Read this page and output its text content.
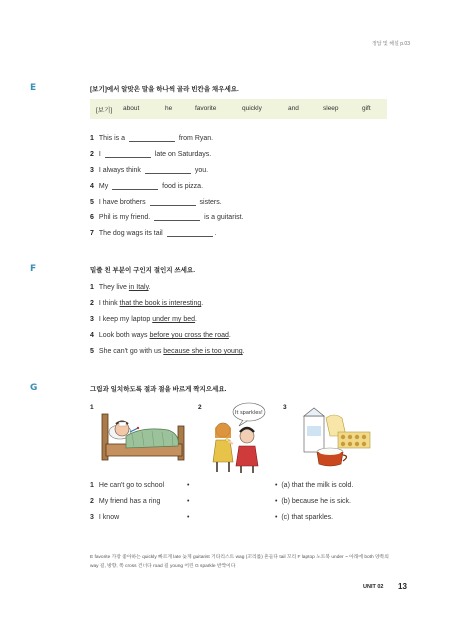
정답 및 해설 p.03
E	[보기]에서 알맞은 말을 하나씩 골라 빈칸을 채우세요.
[보기] about	he	favorite	quickly	and	sleep	gift
1 This is a	from Ryan.
2 I	late on Saturdays.
3 I always think	you.
4 My	food is pizza.
5 I have brothers	sisters.
6 Phil is my friend.	is a guitarist.
7 The dog wags its tail	.
F	밑줄 친 부분이 구인지 절인지 쓰세요.
1 They live in Italy.
2 I think that the book is interesting.
3 I keep my laptop under my bed.
4 Look both ways before you cross the road.
5 She can't go with us because she is too young.
G	그림과 일치하도록 절과 절을 바르게 짝지으세요.
1	2	3
It sparkles!
1 He can't go to school
2 My friend has a ring
3 I know
•
•
•
• (a) that the milk is cold.
• (b) because he is sick.
• (c) that sparkles.
E favorite 가장 좋아하는 quickly 빠르게 late 늦게 guitarist 기타리스트 wag (꼬리를) 흔들다 tail 꼬리 F laptop 노트북 under ~ 아래에 both 양쪽의 way 길, 방향, 쪽 cross 건너다 road 길 young 어린 G sparkle 반짝이다
UNIT 02 13
